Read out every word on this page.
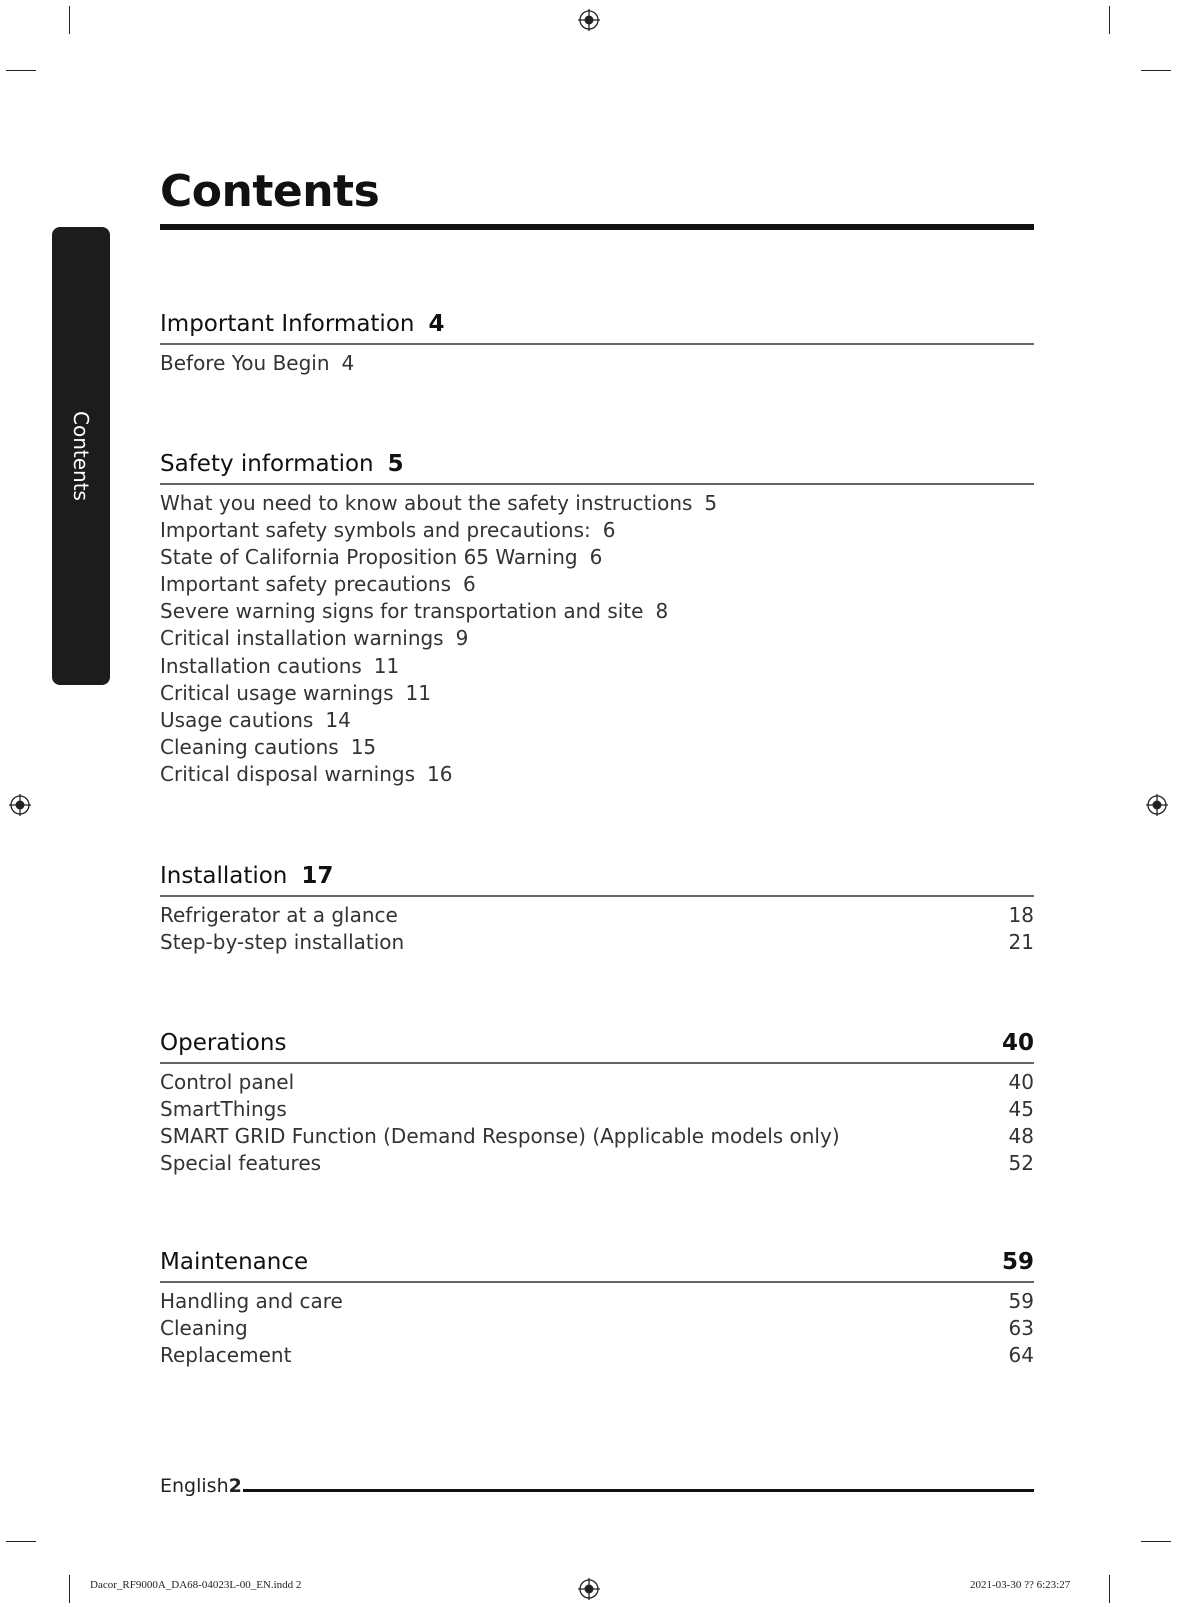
Contents
Contents
Important Information 4
Before You Begin 4
Safety information 5
What you need to know about the safety instructions 5
Important safety symbols and precautions: 6
State of California Proposition 65 Warning 6
Important safety precautions 6
Severe warning signs for transportation and site 8
Critical installation warnings 9
Installation cautions 11
Critical usage warnings 11
Usage cautions 14
Cleaning cautions 15
Critical disposal warnings 16
Installation 17
Refrigerator at a glance	18
Step-by-step installation	21
Operations	40
Control panel	40
SmartThings	45
SMART GRID Function (Demand Response) (Applicable models only)	48
Special features	52
Maintenance	59
Handling and care	59
Cleaning	63
Replacement	64
English2
Dacor_RF9000A_DA68-04023L-00_EN.indd 2	2021-03-30 ?? 6:23:27
